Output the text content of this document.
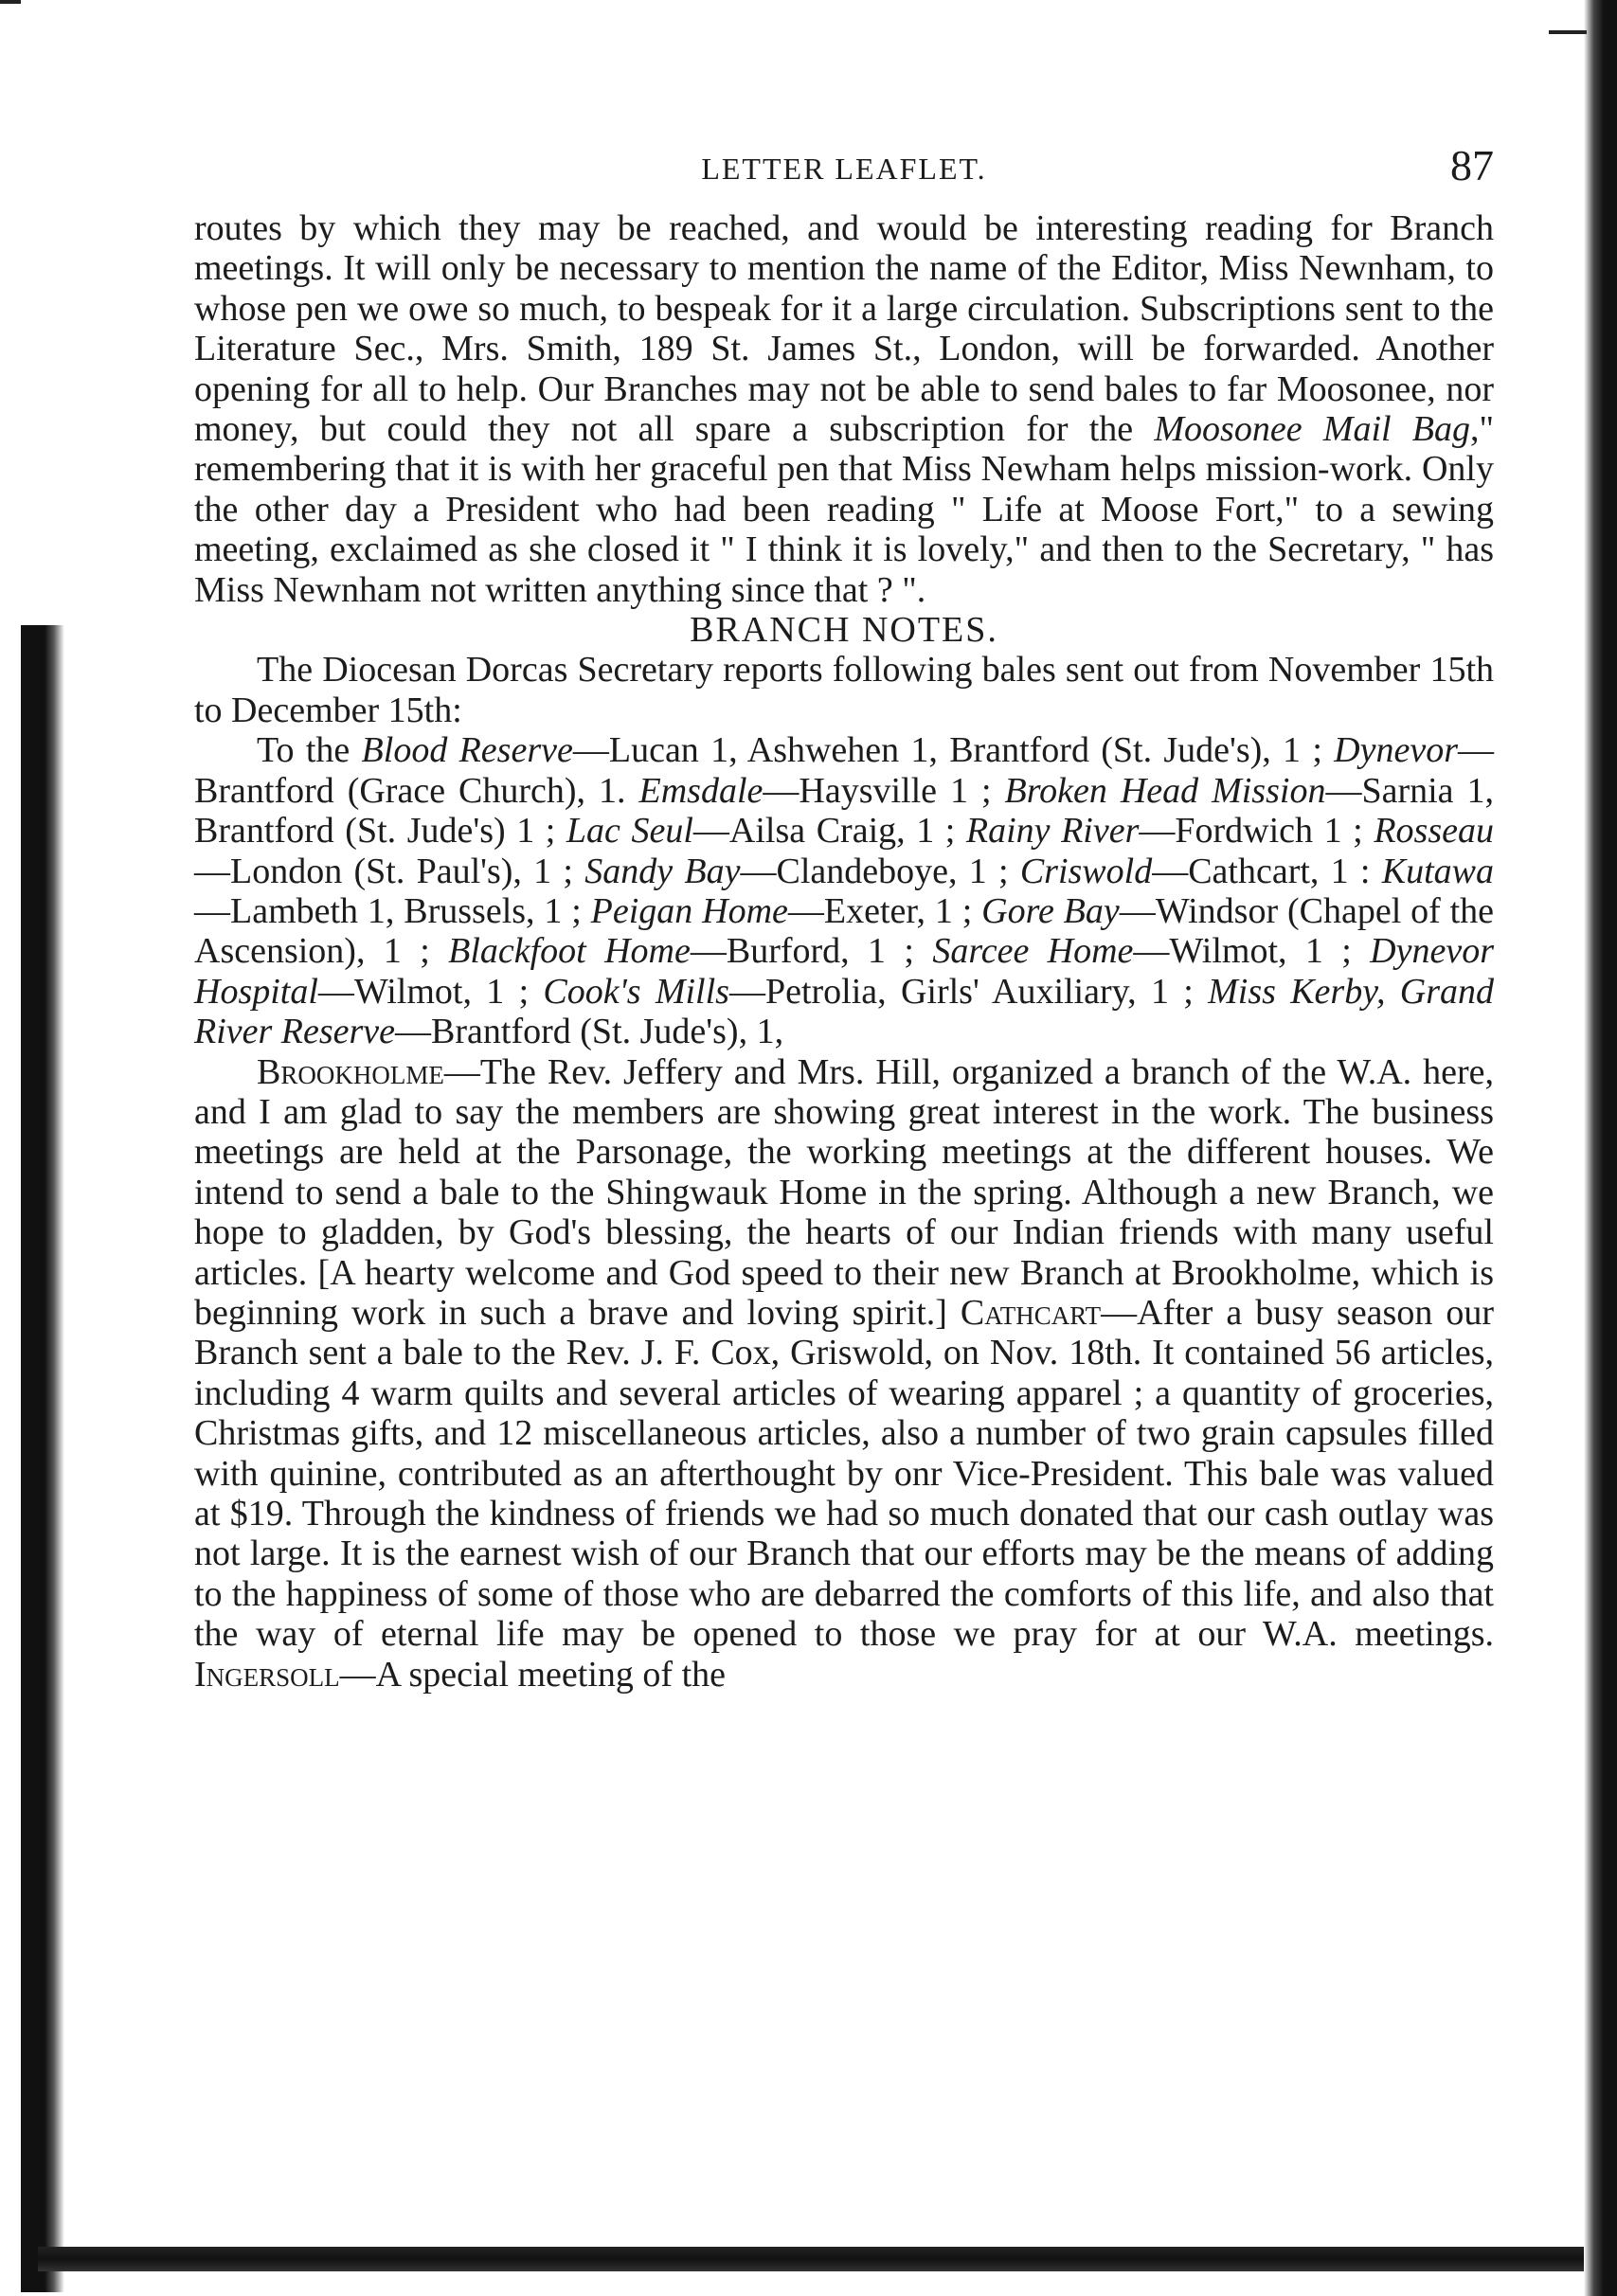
LETTER LEAFLET.	87

routes by which they may be reached, and would be interesting reading for Branch meetings. It will only be necessary to mention the name of the Editor, Miss Newnham, to whose pen we owe so much, to bespeak for it a large circulation. Subscriptions sent to the Literature Sec., Mrs. Smith, 189 St. James St., London, will be forwarded. Another opening for all to help. Our Branches may not be able to send bales to far Moosonee, nor money, but could they not all spare a subscription for the Moosonee Mail Bag," remembering that it is with her graceful pen that Miss Newham helps mission-work. Only the other day a President who had been reading " Life at Moose Fort," to a sewing meeting, exclaimed as she closed it " I think it is lovely," and then to the Secretary, " has Miss Newnham not written anything since that ? ".

BRANCH NOTES.

The Diocesan Dorcas Secretary reports following bales sent out from November 15th to December 15th:

To the Blood Reserve—Lucan 1, Ashwehen 1, Brantford (St. Jude's), 1 ; Dynevor—Brantford (Grace Church), 1. Emsdale—Haysville 1 ; Broken Head Mission—Sarnia 1, Brantford (St. Jude's) 1 ; Lac Seul—Ailsa Craig, 1 ; Rainy River—Fordwich 1 ; Rosseau—London (St. Paul's), 1 ; Sandy Bay—Clandeboye, 1 ; Criswold—Cathcart, 1 : Kutawa—Lambeth 1, Brussels, 1 ; Peigan Home—Exeter, 1 ; Gore Bay—Windsor (Chapel of the Ascension), 1 ; Blackfoot Home—Burford, 1 ; Sarcee Home—Wilmot, 1 ; Dynevor Hospital—Wilmot, 1 ; Cook's Mills—Petrolia, Girls' Auxiliary, 1 ; Miss Kerby, Grand River Reserve—Brantford (St. Jude's), 1,

Brookholme—The Rev. Jeffery and Mrs. Hill, organized a branch of the W.A. here, and I am glad to say the members are showing great interest in the work. The business meetings are held at the Parsonage, the working meetings at the different houses. We intend to send a bale to the Shingwauk Home in the spring. Although a new Branch, we hope to gladden, by God's blessing, the hearts of our Indian friends with many useful articles. [A hearty welcome and God speed to their new Branch at Brookholme, which is beginning work in such a brave and loving spirit.] Cathcart—After a busy season our Branch sent a bale to the Rev. J. F. Cox, Griswold, on Nov. 18th. It contained 56 articles, including 4 warm quilts and several articles of wearing apparel ; a quantity of groceries, Christmas gifts, and 12 miscellaneous articles, also a number of two grain capsules filled with quinine, contributed as an afterthought by onr Vice-President. This bale was valued at $19. Through the kindness of friends we had so much donated that our cash outlay was not large. It is the earnest wish of our Branch that our efforts may be the means of adding to the happiness of some of those who are debarred the comforts of this life, and also that the way of eternal life may be opened to those we pray for at our W.A. meetings. Ingersoll—A special meeting of the
